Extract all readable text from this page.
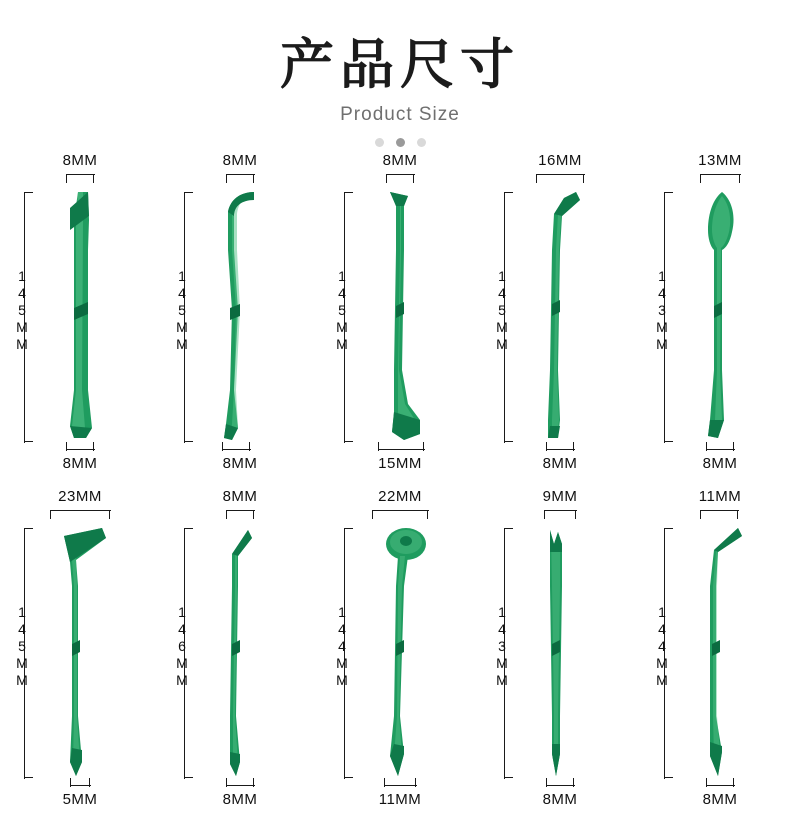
产品尺寸
Product Size
8MM
145MM
8MM
8MM
145MM
8MM
8MM
145MM
15MM
16MM
145MM
8MM
13MM
143MM
8MM
23MM
145MM
5MM
8MM
146MM
8MM
22MM
144MM
11MM
9MM
143MM
8MM
11MM
144MM
8MM
